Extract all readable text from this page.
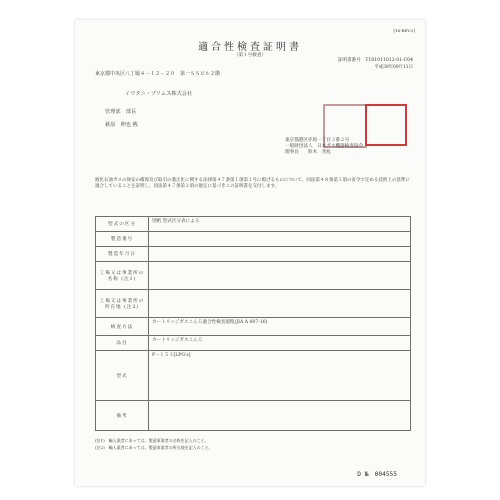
[16-REV.3]
適合性検査証明書
（第１号検査）
証明書番号　T181011012-01-C04
平成30年09月11日
東京都中央区八丁堀４－１２－２０　第一ＳＳビル２階
イワタニ・プリムス株式会社
管理部　部長
萩原　伸也 殿
東京都港区赤坂一丁目３番２号
一般財団法人　日本ガス機器検査協会
理事長　　鈴木　善紘
液化石油ガスの保安の確保及び取引の適正化に関する法律第４７条第１項第１号に掲げるものについて、同法第４８条第１項の省令で定める技術上の基準に適合していることを証明し、同法第４７条第２項の規定に基づきこの証明書を交付します。
型式の区分	別紙 型式区分表による
製造番号	
製造年月日	
工場又は事業所の名称 (注1)	
工場又は事業所の所在地 (注2)	
検査方法	カートリッジガスこんろ適合性検査規程(JIA A 007-16)
品目	カートリッジガスこんろ
型式	P－１５３[LPG's]
備考	
(注1)　輸入業者にあっては、製造事業者の名称を記入のこと。
(注2)　輸入業者にあっては、製造事業者の所在地を記入のこと。
D №　004555
